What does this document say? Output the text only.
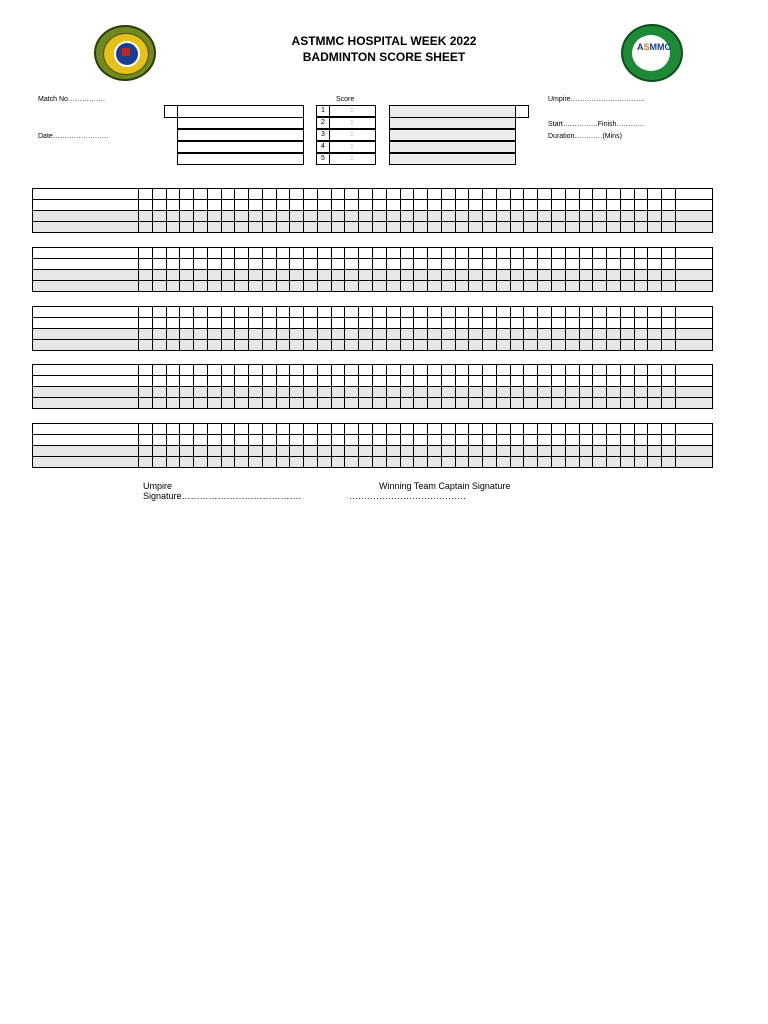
ASMMC
ASTMMC HOSPITAL WEEK 2022
BADMINTON SCORE SHEET
Match No…………….
Date……………………
Score	Umpire…………………………..
Start……………Finish…………
Duration…………(Mins)
1	:
2	:
3	:
4	:
5	:

Umpire
Signature………………………………….
Winning Team Captain Signature
…………………………………
